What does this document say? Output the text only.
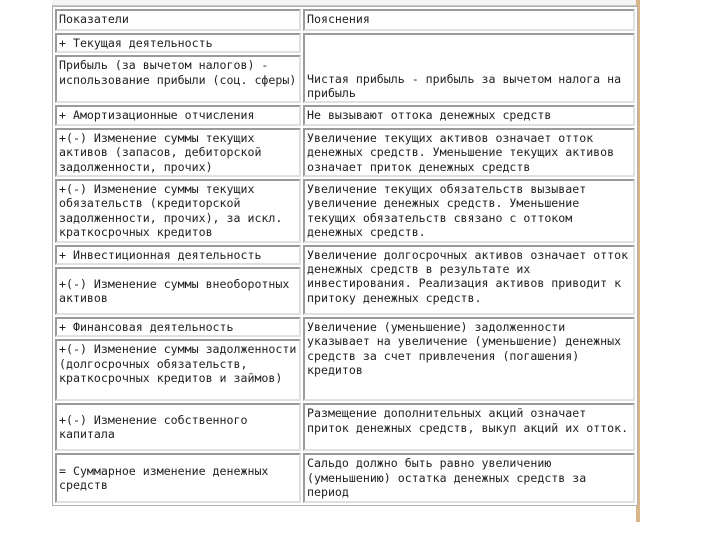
Показатели	Пояснения
+ Текущая деятельность	Чистая прибыль - прибыль за вычетом налога на прибыль
Прибыль (за вычетом налогов) - использование прибыли (соц. сферы)	
+ Амортизационные отчисления	Не вызывают оттока денежных средств
+(-) Изменение суммы текущих активов (запасов, дебиторской задолженности, прочих)	Увеличение текущих активов означает отток денежных средств. Уменьшение текущих активов означает приток денежных средств
+(-) Изменение суммы текущих обязательств (кредиторской задолженности, прочих), за искл. краткосрочных кредитов	Увеличение текущих обязательств вызывает увеличение денежных средств. Уменьшение текущих обязательств связано с оттоком денежных средств.
+ Инвестиционная деятельность	Увеличение долгосрочных активов означает отток денежных средств в результате их инвестирования. Реализация активов приводит к притоку денежных средств.
+(-) Изменение суммы внеоборотных активов	
+ Финансовая деятельность	Увеличение (уменьшение) задолженности указывает на увеличение (уменьшение) денежных средств за счет привлечения (погашения) кредитов
+(-) Изменение суммы задолженности (долгосрочных обязательств, краткосрочных кредитов и займов)	
+(-) Изменение собственного капитала	Размещение дополнительных акций означает приток денежных средств, выкуп акций их отток.
= Суммарное изменение денежных средств	Сальдо должно быть равно увеличению (уменьшению) остатка денежных средств за период
